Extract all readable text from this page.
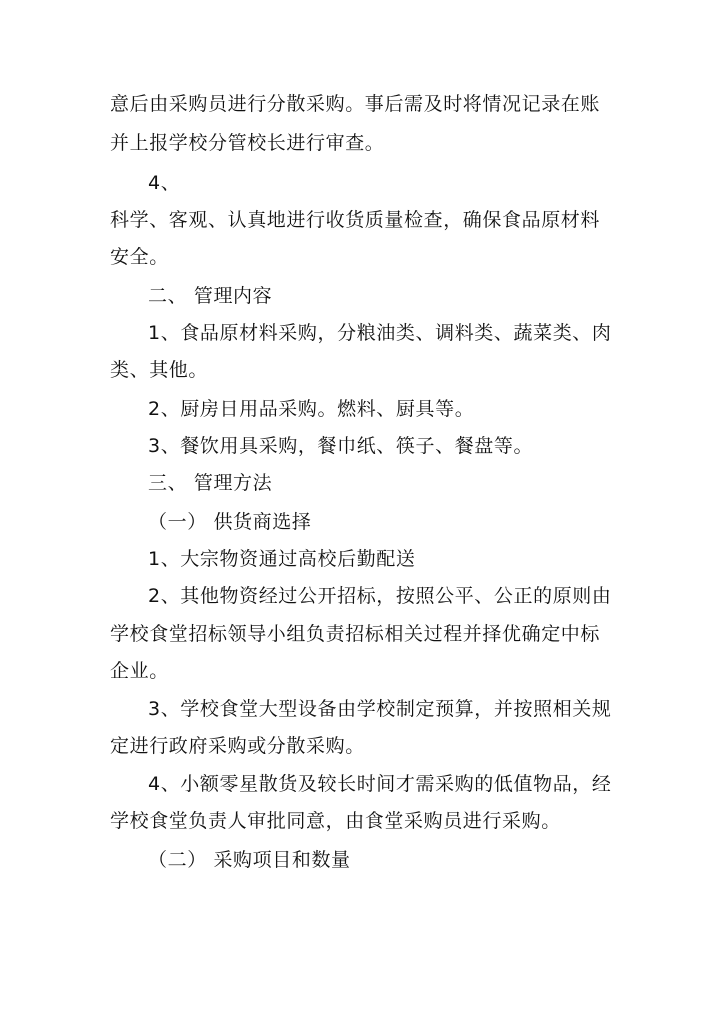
意后由采购员进行分散采购。事后需及时将情况记录在账
并上报学校分管校长进行审查。
4、
科学、客观、认真地进行收货质量检查，确保食品原材料
安全。
二、 管理内容
1、食品原材料采购，分粮油类、调料类、蔬菜类、肉
类、其他。
2、厨房日用品采购。燃料、厨具等。
3、餐饮用具采购，餐巾纸、筷子、餐盘等。
三、 管理方法
（一） 供货商选择
1、大宗物资通过高校后勤配送
2、其他物资经过公开招标，按照公平、公正的原则由
学校食堂招标领导小组负责招标相关过程并择优确定中标
企业。
3、学校食堂大型设备由学校制定预算，并按照相关规
定进行政府采购或分散采购。
4、小额零星散货及较长时间才需采购的低值物品，经
学校食堂负责人审批同意，由食堂采购员进行采购。
（二） 采购项目和数量
